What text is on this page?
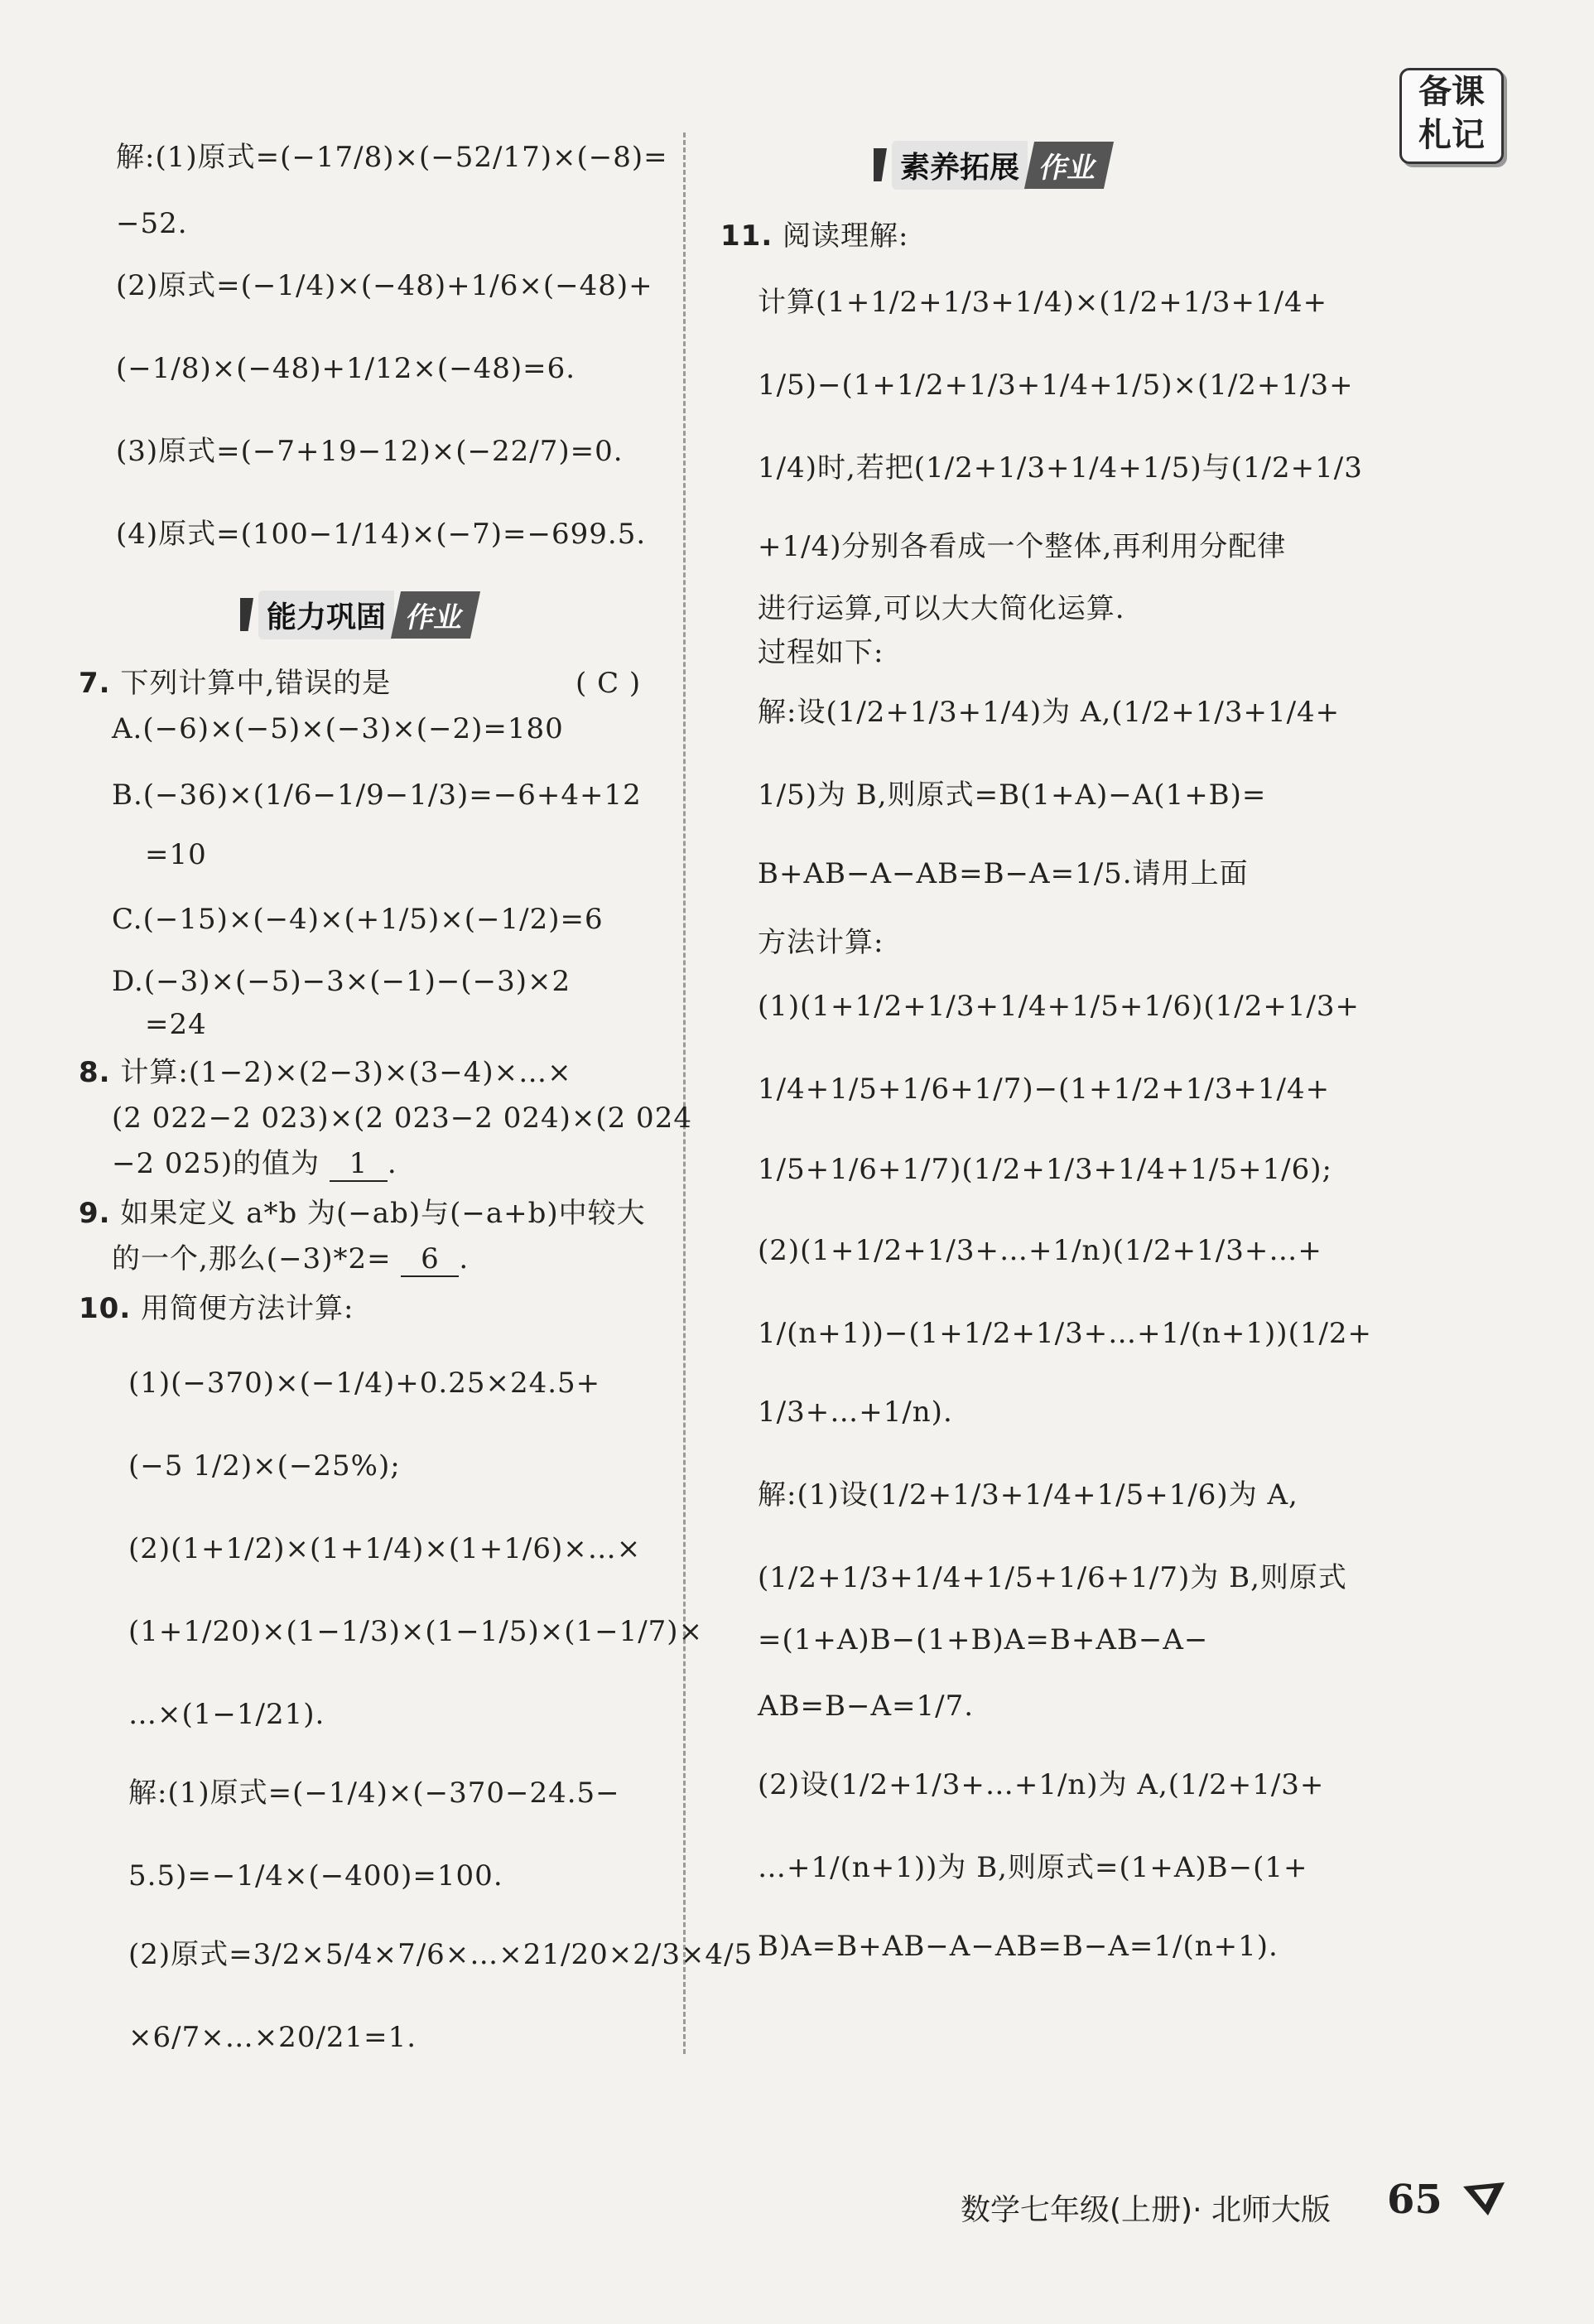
备课
札记
解:(1)原式=(−17/8)×(−52/17)×(−8)=
−52.
(2)原式=(−1/4)×(−48)+1/6×(−48)+
(−1/8)×(−48)+1/12×(−48)=6.
(3)原式=(−7+19−12)×(−22/7)=0.
(4)原式=(100−1/14)×(−7)=−699.5.
能力巩固 作业
7. 下列计算中,错误的是	( C )
A.(−6)×(−5)×(−3)×(−2)=180
B.(−36)×(1/6−1/9−1/3)=−6+4+12
=10
C.(−15)×(−4)×(+1/5)×(−1/2)=6
D.(−3)×(−5)−3×(−1)−(−3)×2
=24
8. 计算:(1−2)×(2−3)×(3−4)×…×
(2 022−2 023)×(2 023−2 024)×(2 024
−2 025)的值为 1 .
9. 如果定义 a*b 为(−ab)与(−a+b)中较大
的一个,那么(−3)*2= 6 .
10. 用简便方法计算:
(1)(−370)×(−1/4)+0.25×24.5+
(−5 1/2)×(−25%);
(2)(1+1/2)×(1+1/4)×(1+1/6)×…×
(1+1/20)×(1−1/3)×(1−1/5)×(1−1/7)×
…×(1−1/21).
解:(1)原式=(−1/4)×(−370−24.5−
5.5)=−1/4×(−400)=100.
(2)原式=3/2×5/4×7/6×…×21/20×2/3×4/5
×6/7×…×20/21=1.
素养拓展 作业
11. 阅读理解:
计算(1+1/2+1/3+1/4)×(1/2+1/3+1/4+
1/5)−(1+1/2+1/3+1/4+1/5)×(1/2+1/3+
1/4)时,若把(1/2+1/3+1/4+1/5)与(1/2+1/3
+1/4)分别各看成一个整体,再利用分配律
进行运算,可以大大简化运算.
过程如下:
解:设(1/2+1/3+1/4)为 A,(1/2+1/3+1/4+
1/5)为 B,则原式=B(1+A)−A(1+B)=
B+AB−A−AB=B−A=1/5.请用上面
方法计算:
(1)(1+1/2+1/3+1/4+1/5+1/6)(1/2+1/3+
1/4+1/5+1/6+1/7)−(1+1/2+1/3+1/4+
1/5+1/6+1/7)(1/2+1/3+1/4+1/5+1/6);
(2)(1+1/2+1/3+…+1/n)(1/2+1/3+…+
1/(n+1))−(1+1/2+1/3+…+1/(n+1))(1/2+
1/3+…+1/n).
解:(1)设(1/2+1/3+1/4+1/5+1/6)为 A,
(1/2+1/3+1/4+1/5+1/6+1/7)为 B,则原式
=(1+A)B−(1+B)A=B+AB−A−
AB=B−A=1/7.
(2)设(1/2+1/3+…+1/n)为 A,(1/2+1/3+
…+1/(n+1))为 B,则原式=(1+A)B−(1+
B)A=B+AB−A−AB=B−A=1/(n+1).
数学七年级(上册)· 北师大版 65
